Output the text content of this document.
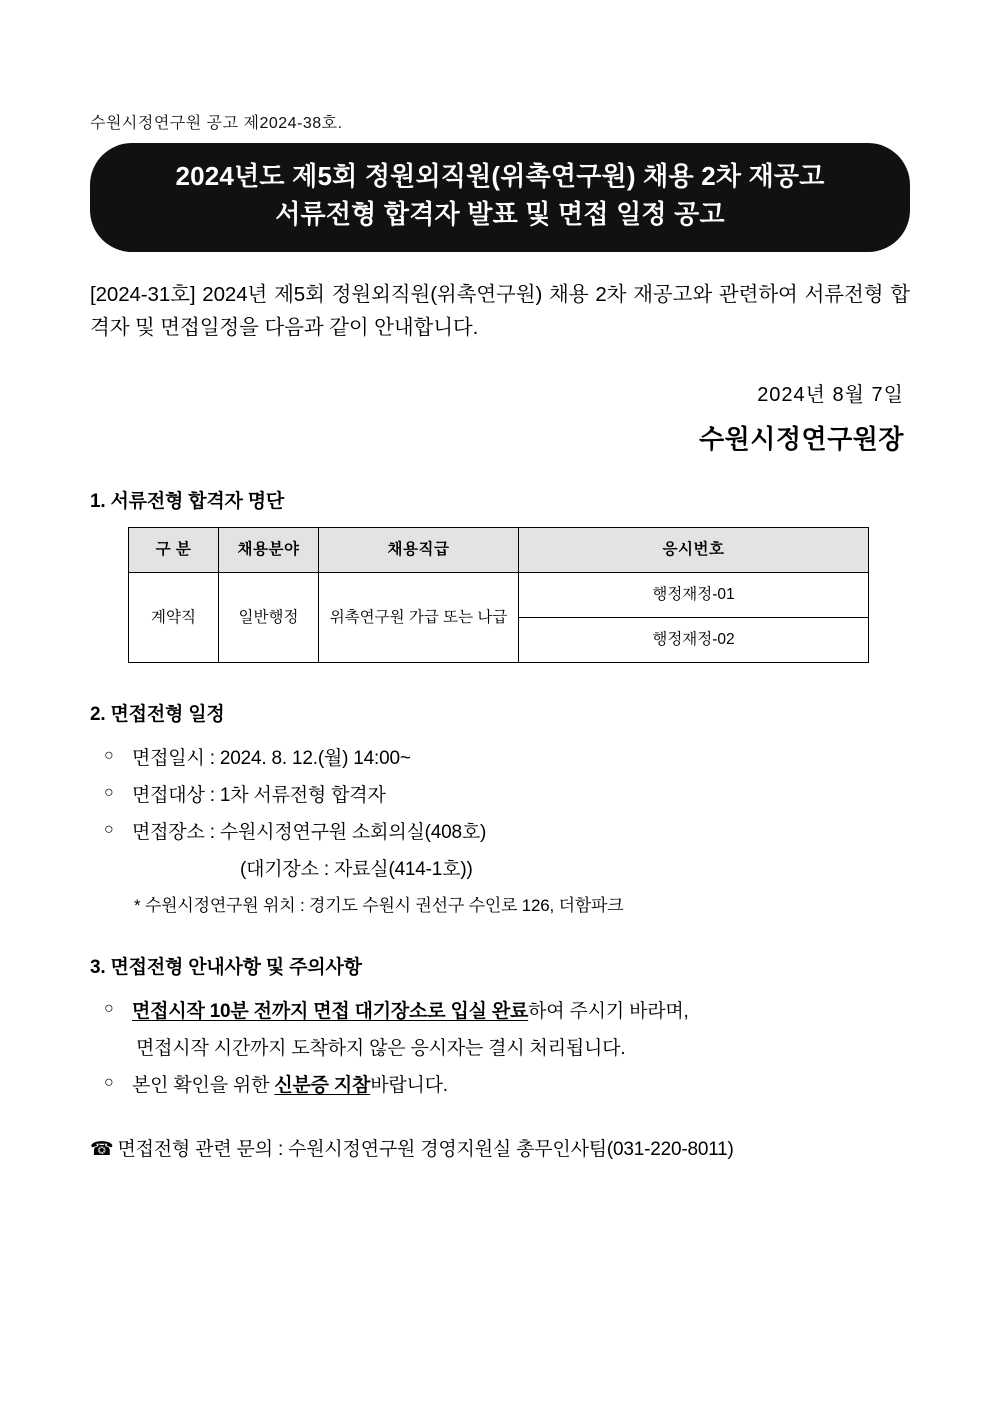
수원시정연구원 공고 제2024-38호.
2024년도 제5회 정원외직원(위촉연구원) 채용 2차 재공고
서류전형 합격자 발표 및 면접 일정 공고
[2024-31호] 2024년 제5회 정원외직원(위촉연구원) 채용 2차 재공고와 관련하여 서류전형 합격자 및 면접일정을 다음과 같이 안내합니다.
2024년 8월 7일
수원시정연구원장
1. 서류전형 합격자 명단
구 분	채용분야	채용직급	응시번호
계약직	일반행정	위촉연구원 가급 또는 나급	행정재정-01
			행정재정-02
2. 면접전형 일정
○ 면접일시 : 2024. 8. 12.(월) 14:00~
○ 면접대상 : 1차 서류전형 합격자
○ 면접장소 : 수원시정연구원 소회의실(408호)
(대기장소 : 자료실(414-1호))
* 수원시정연구원 위치 : 경기도 수원시 권선구 수인로 126, 더함파크
3. 면접전형 안내사항 및 주의사항
○ 면접시작 10분 전까지 면접 대기장소로 입실 완료하여 주시기 바라며,
면접시작 시간까지 도착하지 않은 응시자는 결시 처리됩니다.
○ 본인 확인을 위한 신분증 지참바랍니다.
☎ 면접전형 관련 문의 : 수원시정연구원 경영지원실 총무인사팀(031-220-8011)
